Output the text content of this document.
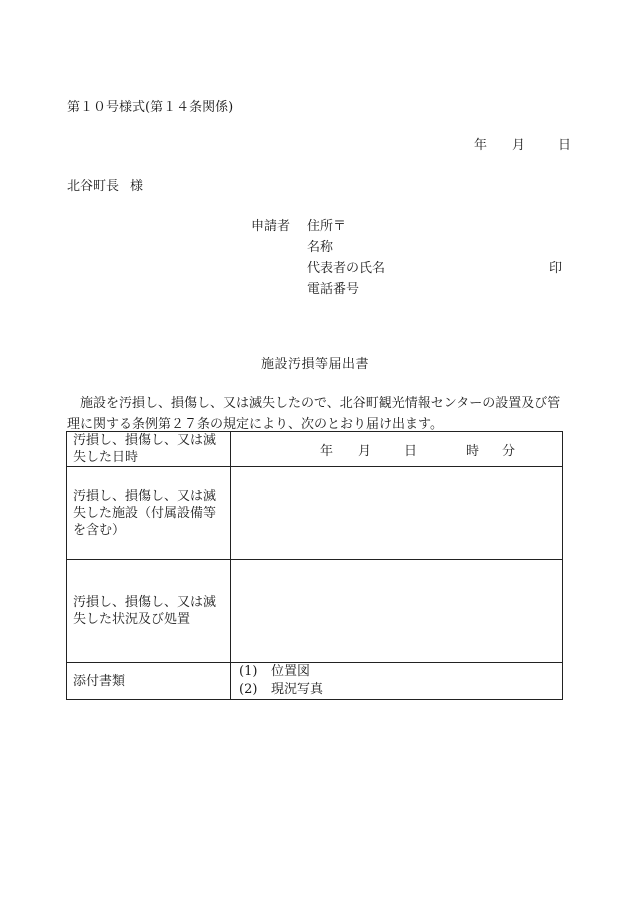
第１０号様式(第１４条関係)
年 月	日
北谷町長 様
申請者 住所〒
名称
代表者の氏名	印
電話番号
施設汚損等届出書
施設を汚損し、損傷し、又は滅失したので、北谷町観光情報センターの設置及び管理に関する条例第２７条の規定により、次のとおり届け出ます。
汚損し、損傷し、又は滅失した日時	年 月 日 時 分
汚損し、損傷し、又は滅失した施設（付属設備等を含む）	
汚損し、損傷し、又は滅失した状況及び処置	
添付書類	(1) 位置図
(2) 現況写真
